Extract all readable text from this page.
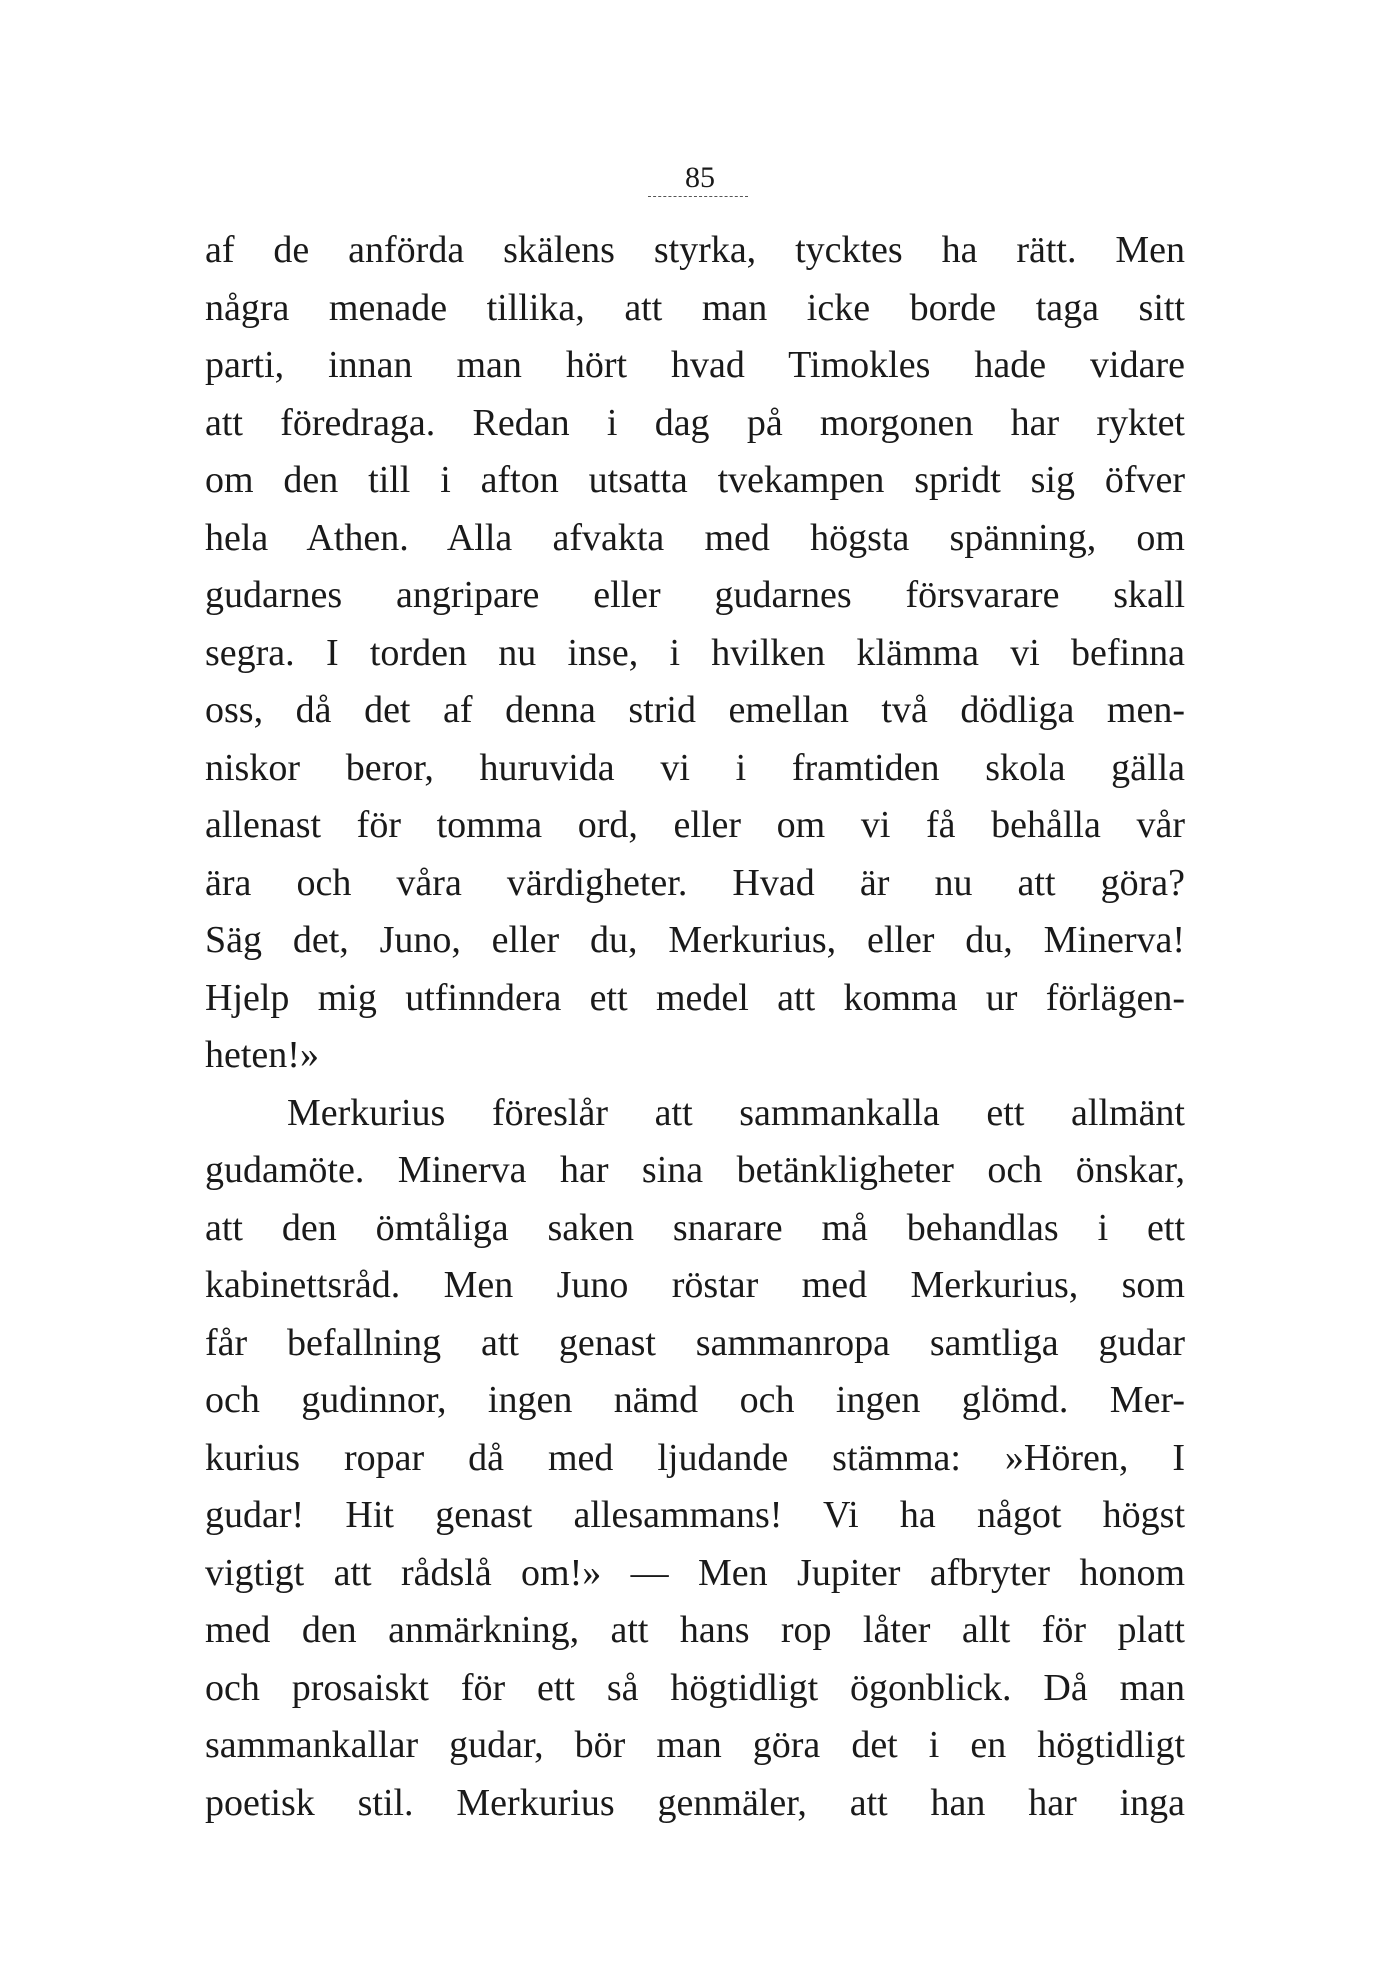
85
af de anförda skälens styrka, tycktes ha rätt. Men
några menade tillika, att man icke borde taga sitt
parti, innan man hört hvad Timokles hade vidare
att föredraga. Redan i dag på morgonen har ryktet
om den till i afton utsatta tvekampen spridt sig öfver
hela Athen. Alla afvakta med högsta spänning, om
gudarnes angripare eller gudarnes försvarare skall
segra. I torden nu inse, i hvilken klämma vi befinna
oss, då det af denna strid emellan två dödliga men-
niskor beror, huruvida vi i framtiden skola gälla
allenast för tomma ord, eller om vi få behålla vår
ära och våra värdigheter. Hvad är nu att göra?
Säg det, Juno, eller du, Merkurius, eller du, Minerva!
Hjelp mig utfinndera ett medel att komma ur förlägen-
heten!»
Merkurius föreslår att sammankalla ett allmänt
gudamöte. Minerva har sina betänkligheter och önskar,
att den ömtåliga saken snarare må behandlas i ett
kabinettsråd. Men Juno röstar med Merkurius, som
får befallning att genast sammanropa samtliga gudar
och gudinnor, ingen nämd och ingen glömd. Mer-
kurius ropar då med ljudande stämma: »Hören, I
gudar! Hit genast allesammans! Vi ha något högst
vigtigt att rådslå om!» — Men Jupiter afbryter honom
med den anmärkning, att hans rop låter allt för platt
och prosaiskt för ett så högtidligt ögonblick. Då man
sammankallar gudar, bör man göra det i en högtidligt
poetisk stil. Merkurius genmäler, att han har inga
